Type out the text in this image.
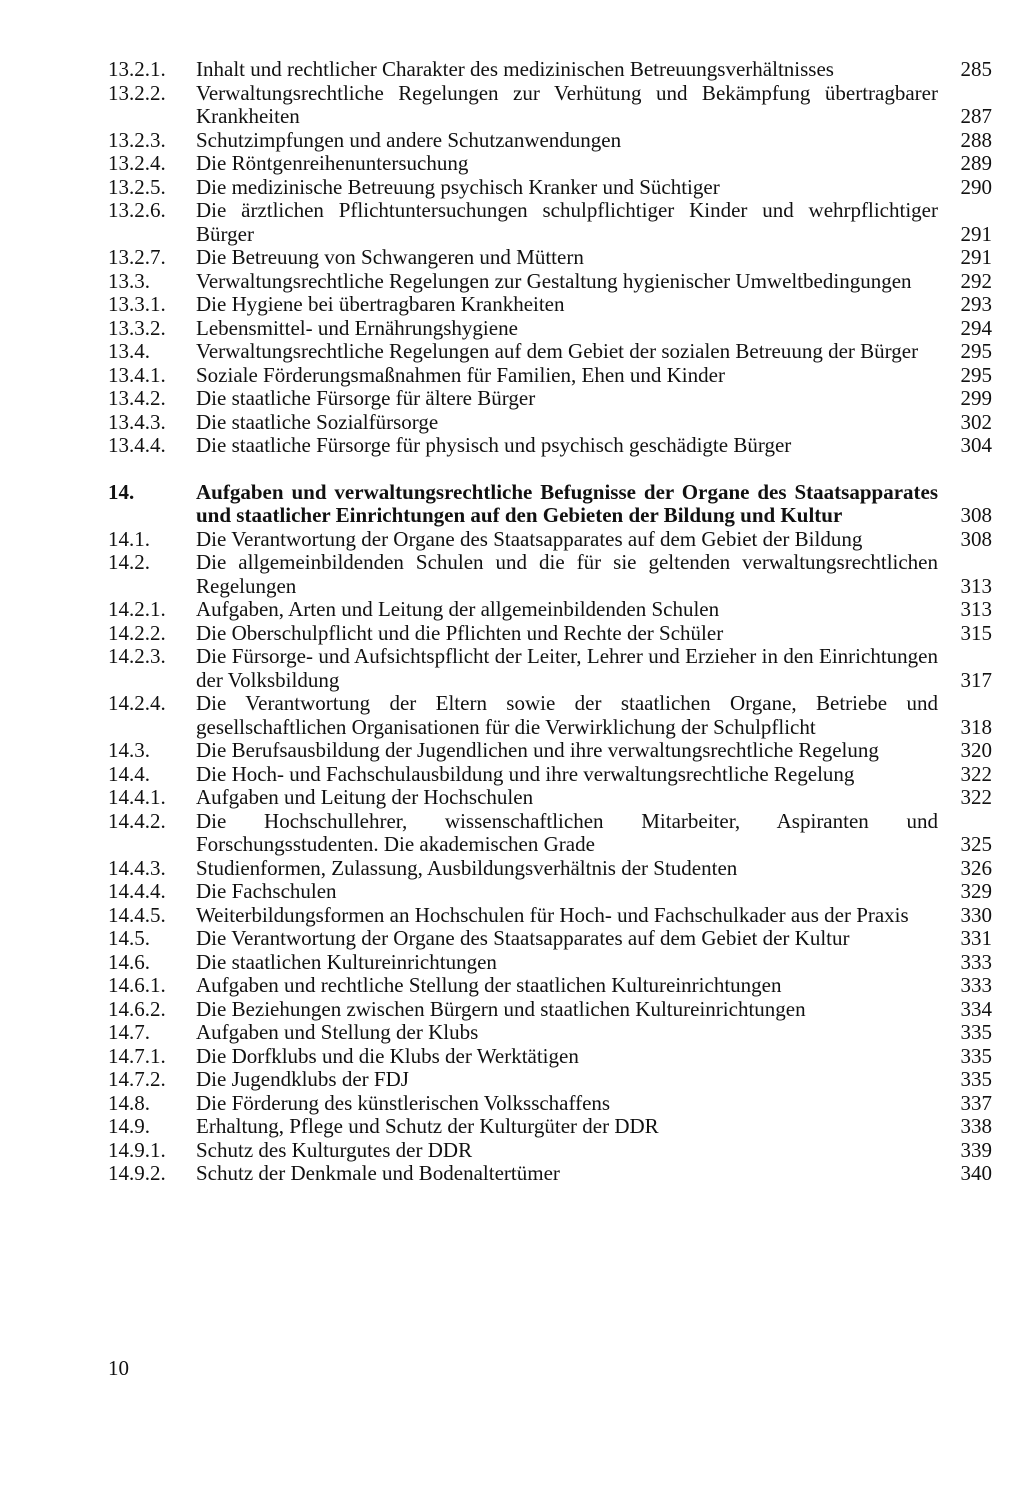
13.2.1.	Inhalt und rechtlicher Charakter des medizinischen Betreuungsverhältnisses	285
13.2.2.	Verwaltungsrechtliche Regelungen zur Verhütung und Bekämpfung übertragbarer Krankheiten	287
13.2.3.	Schutzimpfungen und andere Schutzanwendungen	288
13.2.4.	Die Röntgenreihenuntersuchung	289
13.2.5.	Die medizinische Betreuung psychisch Kranker und Süchtiger	290
13.2.6.	Die ärztlichen Pflichtuntersuchungen schulpflichtiger Kinder und wehrpflichtiger Bürger	291
13.2.7.	Die Betreuung von Schwangeren und Müttern	291
13.3.	Verwaltungsrechtliche Regelungen zur Gestaltung hygienischer Umweltbedingungen	292
13.3.1.	Die Hygiene bei übertragbaren Krankheiten	293
13.3.2.	Lebensmittel- und Ernährungshygiene	294
13.4.	Verwaltungsrechtliche Regelungen auf dem Gebiet der sozialen Betreuung der Bürger	295
13.4.1.	Soziale Förderungsmaßnahmen für Familien, Ehen und Kinder	295
13.4.2.	Die staatliche Fürsorge für ältere Bürger	299
13.4.3.	Die staatliche Sozialfürsorge	302
13.4.4.	Die staatliche Fürsorge für physisch und psychisch geschädigte Bürger	304
14.	Aufgaben und verwaltungsrechtliche Befugnisse der Organe des Staatsapparates und staatlicher Einrichtungen auf den Gebieten der Bildung und Kultur	308
14.1.	Die Verantwortung der Organe des Staatsapparates auf dem Gebiet der Bildung	308
14.2.	Die allgemeinbildenden Schulen und die für sie geltenden verwaltungsrechtlichen Regelungen	313
14.2.1.	Aufgaben, Arten und Leitung der allgemeinbildenden Schulen	313
14.2.2.	Die Oberschulpflicht und die Pflichten und Rechte der Schüler	315
14.2.3.	Die Fürsorge- und Aufsichtspflicht der Leiter, Lehrer und Erzieher in den Einrichtungen der Volksbildung	317
14.2.4.	Die Verantwortung der Eltern sowie der staatlichen Organe, Betriebe und gesellschaftlichen Organisationen für die Verwirklichung der Schulpflicht	318
14.3.	Die Berufsausbildung der Jugendlichen und ihre verwaltungsrechtliche Regelung	320
14.4.	Die Hoch- und Fachschulausbildung und ihre verwaltungsrechtliche Regelung	322
14.4.1.	Aufgaben und Leitung der Hochschulen	322
14.4.2.	Die Hochschullehrer, wissenschaftlichen Mitarbeiter, Aspiranten und Forschungsstudenten. Die akademischen Grade	325
14.4.3.	Studienformen, Zulassung, Ausbildungsverhältnis der Studenten	326
14.4.4.	Die Fachschulen	329
14.4.5.	Weiterbildungsformen an Hochschulen für Hoch- und Fachschulkader aus der Praxis	330
14.5.	Die Verantwortung der Organe des Staatsapparates auf dem Gebiet der Kultur	331
14.6.	Die staatlichen Kultureinrichtungen	333
14.6.1.	Aufgaben und rechtliche Stellung der staatlichen Kultureinrichtungen	333
14.6.2.	Die Beziehungen zwischen Bürgern und staatlichen Kultureinrichtungen	334
14.7.	Aufgaben und Stellung der Klubs	335
14.7.1.	Die Dorfklubs und die Klubs der Werktätigen	335
14.7.2.	Die Jugendklubs der FDJ	335
14.8.	Die Förderung des künstlerischen Volksschaffens	337
14.9.	Erhaltung, Pflege und Schutz der Kulturgüter der DDR	338
14.9.1.	Schutz des Kulturgutes der DDR	339
14.9.2.	Schutz der Denkmale und Bodenaltertümer	340
10
